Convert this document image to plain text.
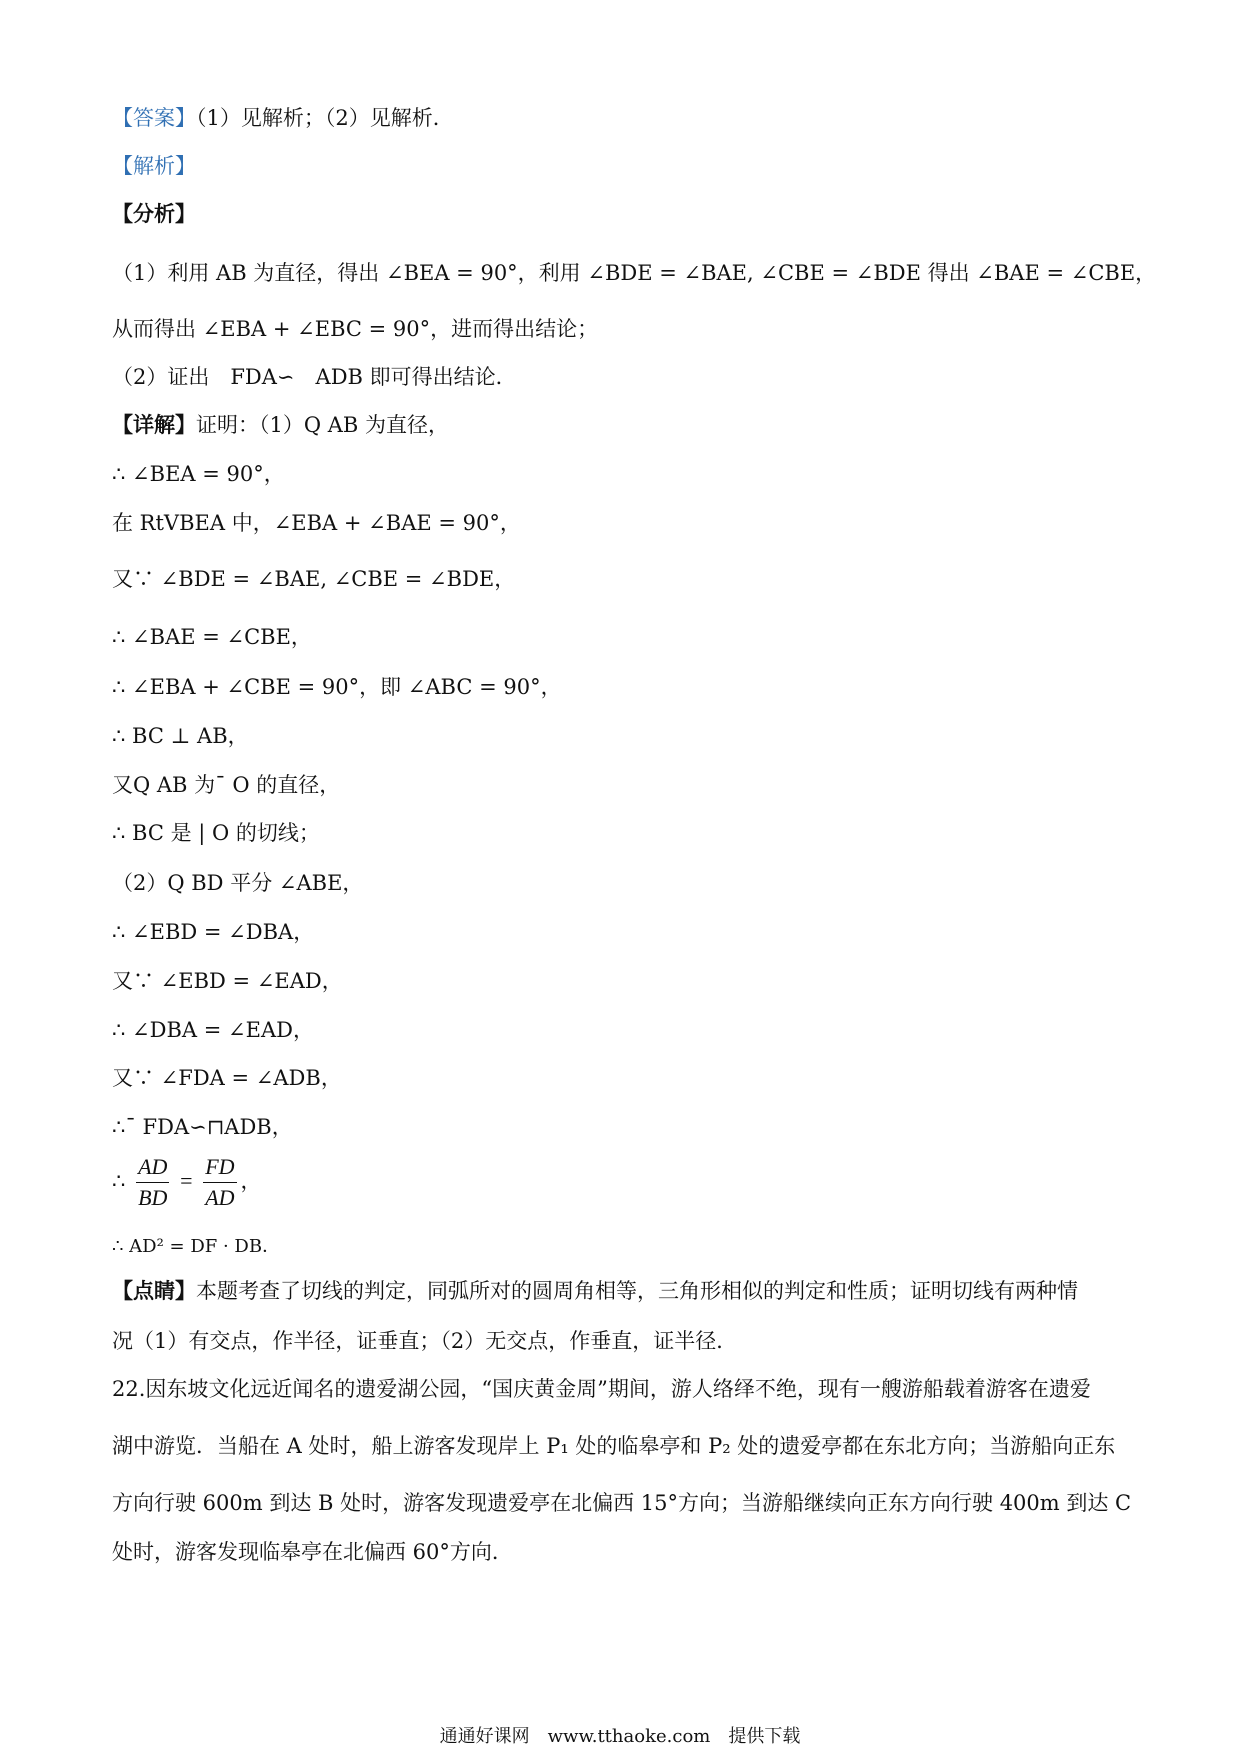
【答案】（1）见解析；（2）见解析．
【解析】
【分析】
（1）利用 AB 为直径，得出 ∠BEA = 90°，利用 ∠BDE = ∠BAE, ∠CBE = ∠BDE 得出 ∠BAE = ∠CBE，
从而得出 ∠EBA + ∠EBC = 90°，进而得出结论；
（2）证出　FDA∽　ADB 即可得出结论．
【详解】证明：（1）Q AB 为直径，
∴ ∠BEA = 90°，
在 RtVBEA 中，∠EBA + ∠BAE = 90°，
又∵ ∠BDE = ∠BAE, ∠CBE = ∠BDE，
∴ ∠BAE = ∠CBE，
∴ ∠EBA + ∠CBE = 90°，即 ∠ABC = 90°，
∴ BC ⊥ AB，
又Q AB 为¯ O 的直径，
∴ BC 是 | O 的切线；
（2）Q BD 平分 ∠ABE，
∴ ∠EBD = ∠DBA，
又∵ ∠EBD = ∠EAD，
∴ ∠DBA = ∠EAD，
又∵ ∠FDA = ∠ADB，
∴¯ FDA∽⊓ADB，
∴ $\frac{AD}{BD} = \frac{FD}{AD}$ ，
∴ AD² = DF · DB．
【点睛】本题考查了切线的判定，同弧所对的圆周角相等，三角形相似的判定和性质；证明切线有两种情
况（1）有交点，作半径，证垂直；（2）无交点，作垂直，证半径．
22.因东坡文化远近闻名的遗爱湖公园，“国庆黄金周”期间，游人络绎不绝，现有一艘游船载着游客在遗爱
湖中游览．当船在 A 处时，船上游客发现岸上 P₁ 处的临皋亭和 P₂ 处的遗爱亭都在东北方向；当游船向正东
方向行驶 600m 到达 B 处时，游客发现遗爱亭在北偏西 15°方向；当游船继续向正东方向行驶 400m 到达 C
处时，游客发现临皋亭在北偏西 60°方向．
通通好课网　www.tthaoke.com　提供下载
